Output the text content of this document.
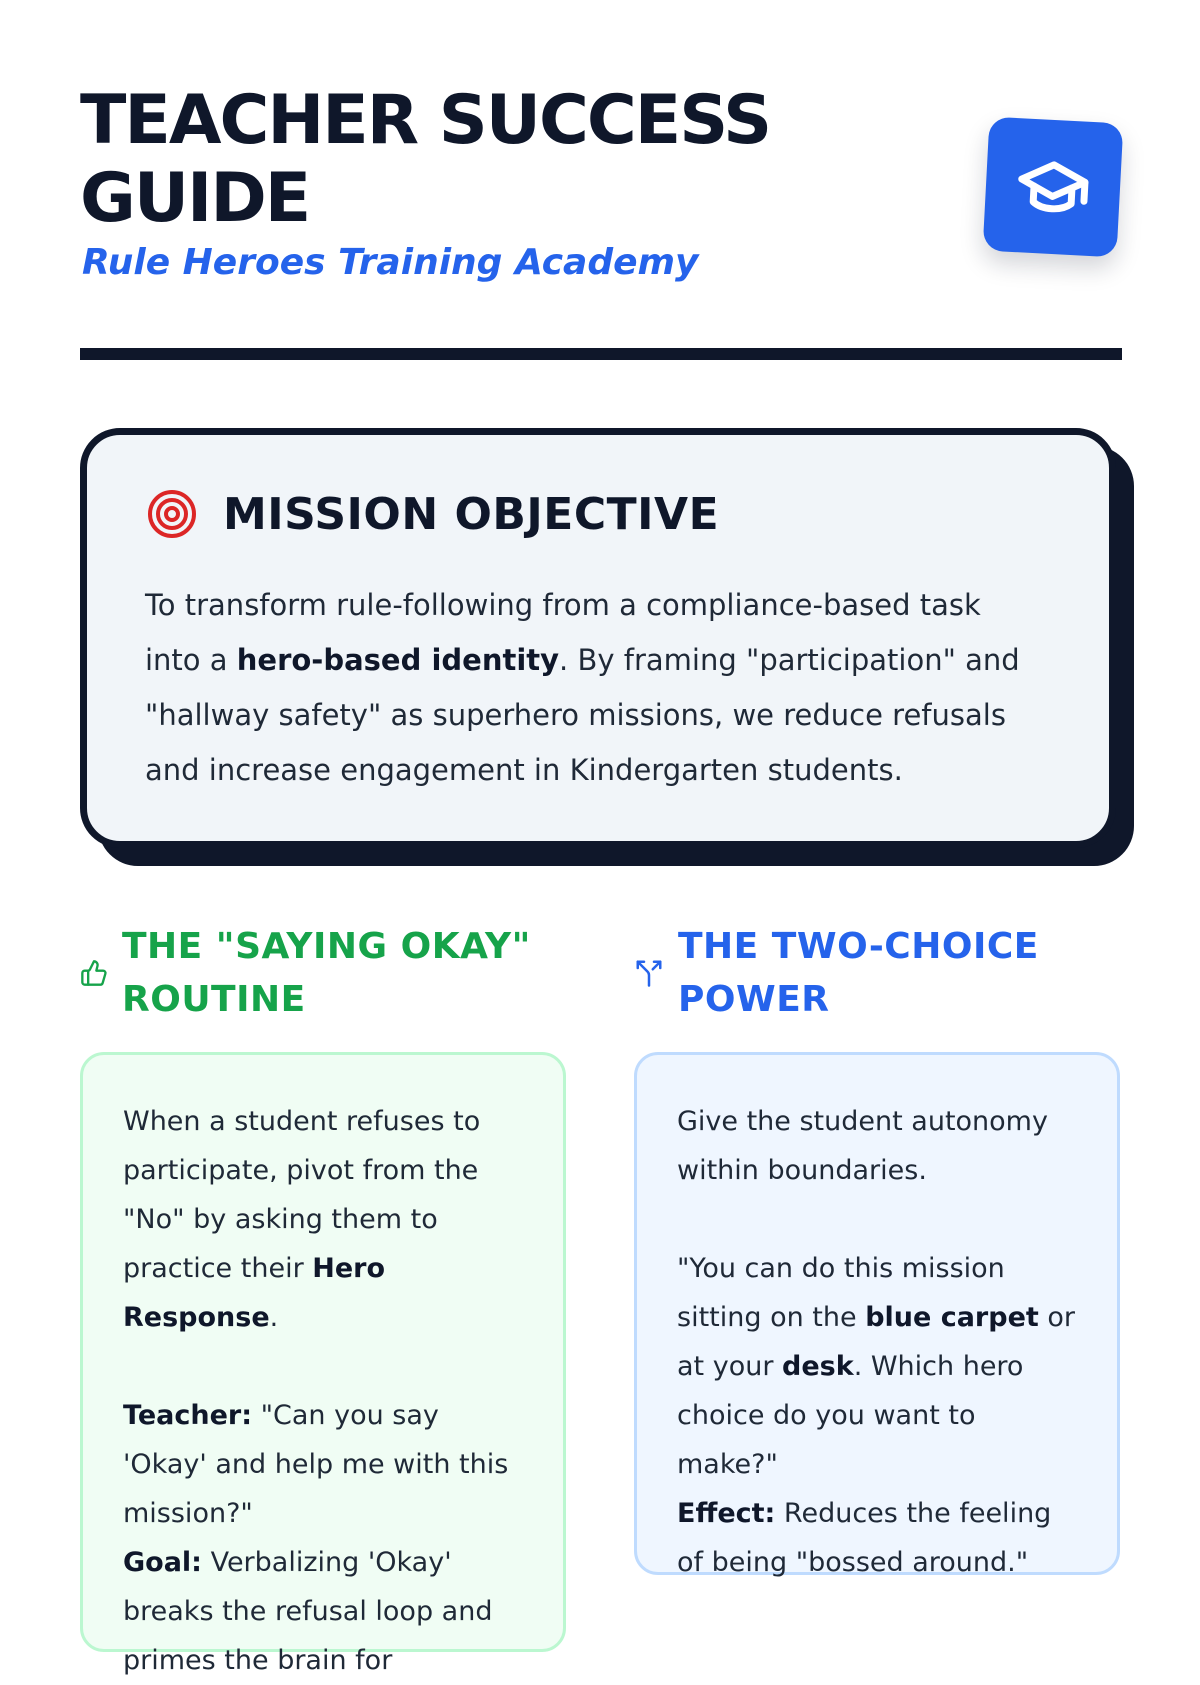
TEACHER SUCCESS
GUIDE

Rule Heroes Training Academy

MISSION OBJECTIVE

To transform rule-following from a compliance-based task into a hero-based identity. By framing "participation" and "hallway safety" as superhero missions, we reduce refusals and increase engagement in Kindergarten students.

THE "SAYING OKAY" ROUTINE
THE TWO-CHOICE POWER

When a student refuses to participate, pivot from the "No" by asking them to practice their Hero Response.

Teacher: "Can you say 'Okay' and help me with this mission?"

Goal: Verbalizing 'Okay' breaks the refusal loop and primes the brain for

Give the student autonomy within boundaries.

"You can do this mission sitting on the blue carpet or at your desk. Which hero choice do you want to make?"

Effect: Reduces the feeling of being "bossed around."
